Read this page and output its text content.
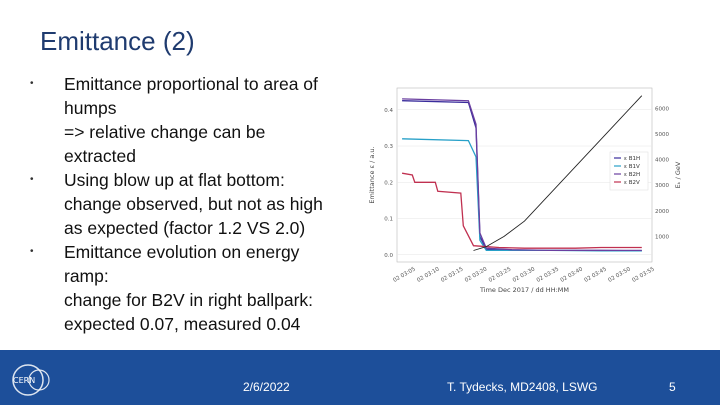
Emittance (2)
•	Emittance proportional to area of
humps
=> relative change can be
extracted
•	Using blow up at flat bottom:
change observed, but not as high
as expected (factor 1.2 VS 2.0)
•	Emittance evolution on energy
ramp:
change for B2V in right ballpark:
expected 0.07, measured 0.04
0.0
0.1
0.2
0.3
0.4
1000
2000
3000
4000
5000
6000
02 03:05 02 03:10 02 03:15 02 03:20 02 03:25 02 03:30 02 03:35 02 03:40 02 03:45 02 03:50 02 03:55
Time Dec 2017 / dd HH:MM
Emittance ε / a.u.	Eₖ / GeV
ε B1H
ε B1V
ε B2H
ε B2V
CERN	2/6/2022	T. Tydecks, MD2408, LSWG	5
